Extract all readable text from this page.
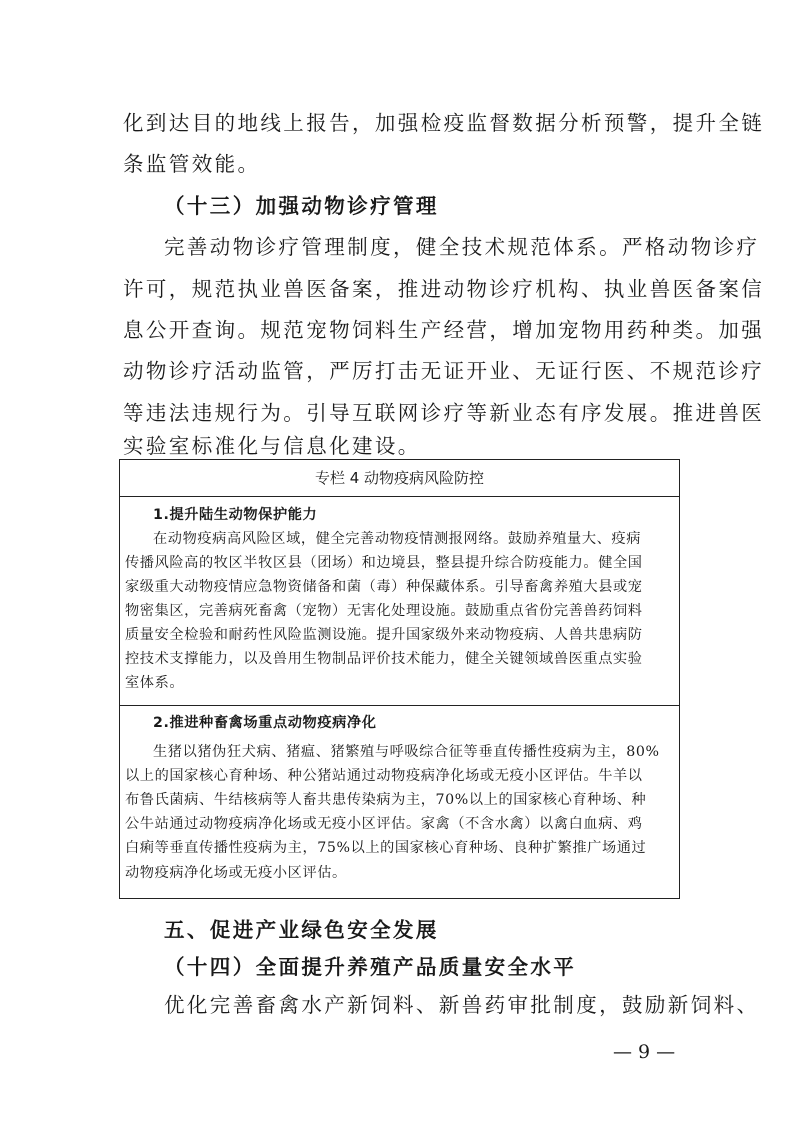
化到达目的地线上报告，加强检疫监督数据分析预警，提升全链
条监管效能。
（十三）加强动物诊疗管理
完善动物诊疗管理制度，健全技术规范体系。严格动物诊疗
许可，规范执业兽医备案，推进动物诊疗机构、执业兽医备案信
息公开查询。规范宠物饲料生产经营，增加宠物用药种类。加强
动物诊疗活动监管，严厉打击无证开业、无证行医、不规范诊疗
等违法违规行为。引导互联网诊疗等新业态有序发展。推进兽医
实验室标准化与信息化建设。
专栏 4 动物疫病风险防控
1.提升陆生动物保护能力
在动物疫病高风险区域，健全完善动物疫情测报网络。鼓励养殖量大、疫病
传播风险高的牧区半牧区县（团场）和边境县，整县提升综合防疫能力。健全国
家级重大动物疫情应急物资储备和菌（毒）种保藏体系。引导畜禽养殖大县或宠
物密集区，完善病死畜禽（宠物）无害化处理设施。鼓励重点省份完善兽药饲料
质量安全检验和耐药性风险监测设施。提升国家级外来动物疫病、人兽共患病防
控技术支撑能力，以及兽用生物制品评价技术能力，健全关键领域兽医重点实验
室体系。
2.推进种畜禽场重点动物疫病净化
生猪以猪伪狂犬病、猪瘟、猪繁殖与呼吸综合征等垂直传播性疫病为主，80%
以上的国家核心育种场、种公猪站通过动物疫病净化场或无疫小区评估。牛羊以
布鲁氏菌病、牛结核病等人畜共患传染病为主，70%以上的国家核心育种场、种
公牛站通过动物疫病净化场或无疫小区评估。家禽（不含水禽）以禽白血病、鸡
白痢等垂直传播性疫病为主，75%以上的国家核心育种场、良种扩繁推广场通过
动物疫病净化场或无疫小区评估。
五、促进产业绿色安全发展
（十四）全面提升养殖产品质量安全水平
优化完善畜禽水产新饲料、新兽药审批制度，鼓励新饲料、
— 9 —
